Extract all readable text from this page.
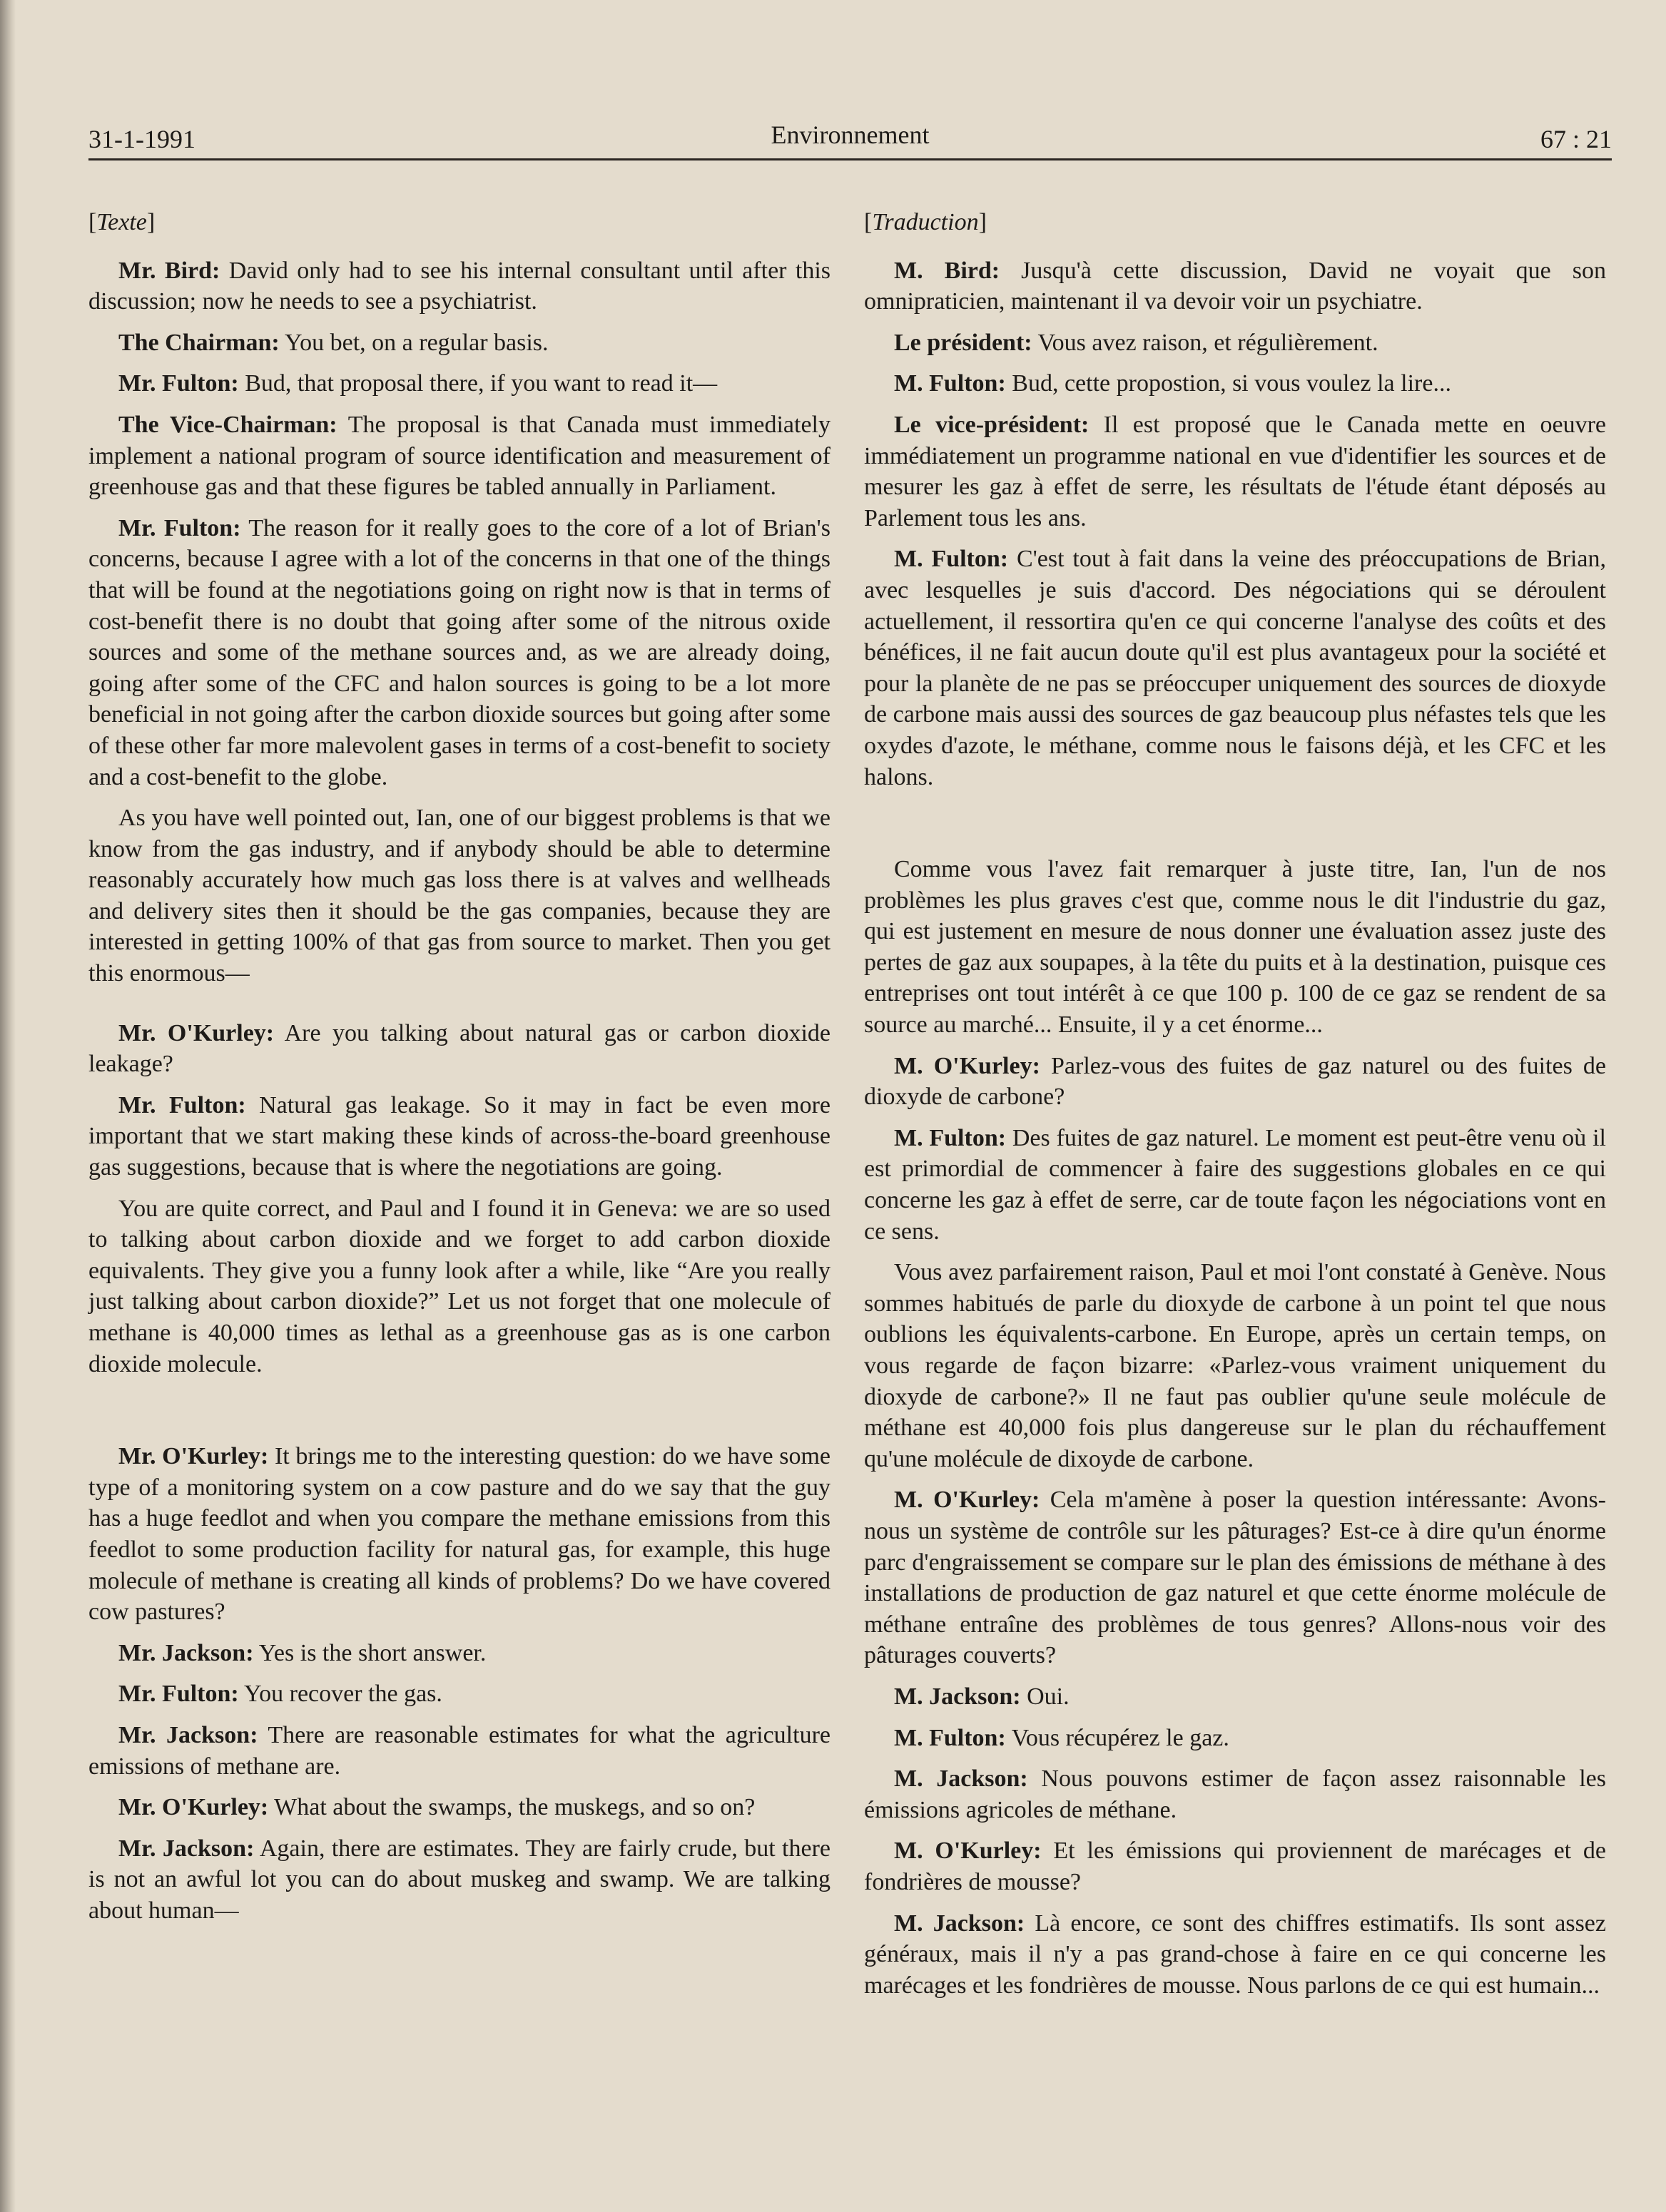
31-1-1991	Environnement	67 : 21
[Texte]

Mr. Bird: David only had to see his internal consultant until after this discussion; now he needs to see a psychiatrist.

The Chairman: You bet, on a regular basis.

Mr. Fulton: Bud, that proposal there, if you want to read it—

The Vice-Chairman: The proposal is that Canada must immediately implement a national program of source identification and measurement of greenhouse gas and that these figures be tabled annually in Parliament.

Mr. Fulton: The reason for it really goes to the core of a lot of Brian's concerns, because I agree with a lot of the concerns in that one of the things that will be found at the negotiations going on right now is that in terms of cost-benefit there is no doubt that going after some of the nitrous oxide sources and some of the methane sources and, as we are already doing, going after some of the CFC and halon sources is going to be a lot more beneficial in not going after the carbon dioxide sources but going after some of these other far more malevolent gases in terms of a cost-benefit to society and a cost-benefit to the globe.

As you have well pointed out, Ian, one of our biggest problems is that we know from the gas industry, and if anybody should be able to determine reasonably accurately how much gas loss there is at valves and wellheads and delivery sites then it should be the gas companies, because they are interested in getting 100% of that gas from source to market. Then you get this enormous—

Mr. O'Kurley: Are you talking about natural gas or carbon dioxide leakage?

Mr. Fulton: Natural gas leakage. So it may in fact be even more important that we start making these kinds of across-the-board greenhouse gas suggestions, because that is where the negotiations are going.

You are quite correct, and Paul and I found it in Geneva: we are so used to talking about carbon dioxide and we forget to add carbon dioxide equivalents. They give you a funny look after a while, like “Are you really just talking about carbon dioxide?” Let us not forget that one molecule of methane is 40,000 times as lethal as a greenhouse gas as is one carbon dioxide molecule.

Mr. O'Kurley: It brings me to the interesting question: do we have some type of a monitoring system on a cow pasture and do we say that the guy has a huge feedlot and when you compare the methane emissions from this feedlot to some production facility for natural gas, for example, this huge molecule of methane is creating all kinds of problems? Do we have covered cow pastures?

Mr. Jackson: Yes is the short answer.

Mr. Fulton: You recover the gas.

Mr. Jackson: There are reasonable estimates for what the agriculture emissions of methane are.

Mr. O'Kurley: What about the swamps, the muskegs, and so on?

Mr. Jackson: Again, there are estimates. They are fairly crude, but there is not an awful lot you can do about muskeg and swamp. We are talking about human—

[Traduction]

M. Bird: Jusqu'à cette discussion, David ne voyait que son omnipraticien, maintenant il va devoir voir un psychiatre.

Le président: Vous avez raison, et régulièrement.

M. Fulton: Bud, cette propostion, si vous voulez la lire...

Le vice-président: Il est proposé que le Canada mette en oeuvre immédiatement un programme national en vue d'identifier les sources et de mesurer les gaz à effet de serre, les résultats de l'étude étant déposés au Parlement tous les ans.

M. Fulton: C'est tout à fait dans la veine des préoccupations de Brian, avec lesquelles je suis d'accord. Des négociations qui se déroulent actuellement, il ressortira qu'en ce qui concerne l'analyse des coûts et des bénéfices, il ne fait aucun doute qu'il est plus avantageux pour la société et pour la planète de ne pas se préoccuper uniquement des sources de dioxyde de carbone mais aussi des sources de gaz beaucoup plus néfastes tels que les oxydes d'azote, le méthane, comme nous le faisons déjà, et les CFC et les halons.

Comme vous l'avez fait remarquer à juste titre, Ian, l'un de nos problèmes les plus graves c'est que, comme nous le dit l'industrie du gaz, qui est justement en mesure de nous donner une évaluation assez juste des pertes de gaz aux soupapes, à la tête du puits et à la destination, puisque ces entreprises ont tout intérêt à ce que 100 p. 100 de ce gaz se rendent de sa source au marché... Ensuite, il y a cet énorme...

M. O'Kurley: Parlez-vous des fuites de gaz naturel ou des fuites de dioxyde de carbone?

M. Fulton: Des fuites de gaz naturel. Le moment est peut-être venu où il est primordial de commencer à faire des suggestions globales en ce qui concerne les gaz à effet de serre, car de toute façon les négociations vont en ce sens.

Vous avez parfairement raison, Paul et moi l'ont constaté à Genève. Nous sommes habitués de parle du dioxyde de carbone à un point tel que nous oublions les équivalents-carbone. En Europe, après un certain temps, on vous regarde de façon bizarre: «Parlez-vous vraiment uniquement du dioxyde de carbone?» Il ne faut pas oublier qu'une seule molécule de méthane est 40,000 fois plus dangereuse sur le plan du réchauffement qu'une molécule de dixoyde de carbone.

M. O'Kurley: Cela m'amène à poser la question intéressante: Avons-nous un système de contrôle sur les pâturages? Est-ce à dire qu'un énorme parc d'engraissement se compare sur le plan des émissions de méthane à des installations de production de gaz naturel et que cette énorme molécule de méthane entraîne des problèmes de tous genres? Allons-nous voir des pâturages couverts?

M. Jackson: Oui.

M. Fulton: Vous récupérez le gaz.

M. Jackson: Nous pouvons estimer de façon assez raisonnable les émissions agricoles de méthane.

M. O'Kurley: Et les émissions qui proviennent de marécages et de fondrières de mousse?

M. Jackson: Là encore, ce sont des chiffres estimatifs. Ils sont assez généraux, mais il n'y a pas grand-chose à faire en ce qui concerne les marécages et les fondrières de mousse. Nous parlons de ce qui est humain...
